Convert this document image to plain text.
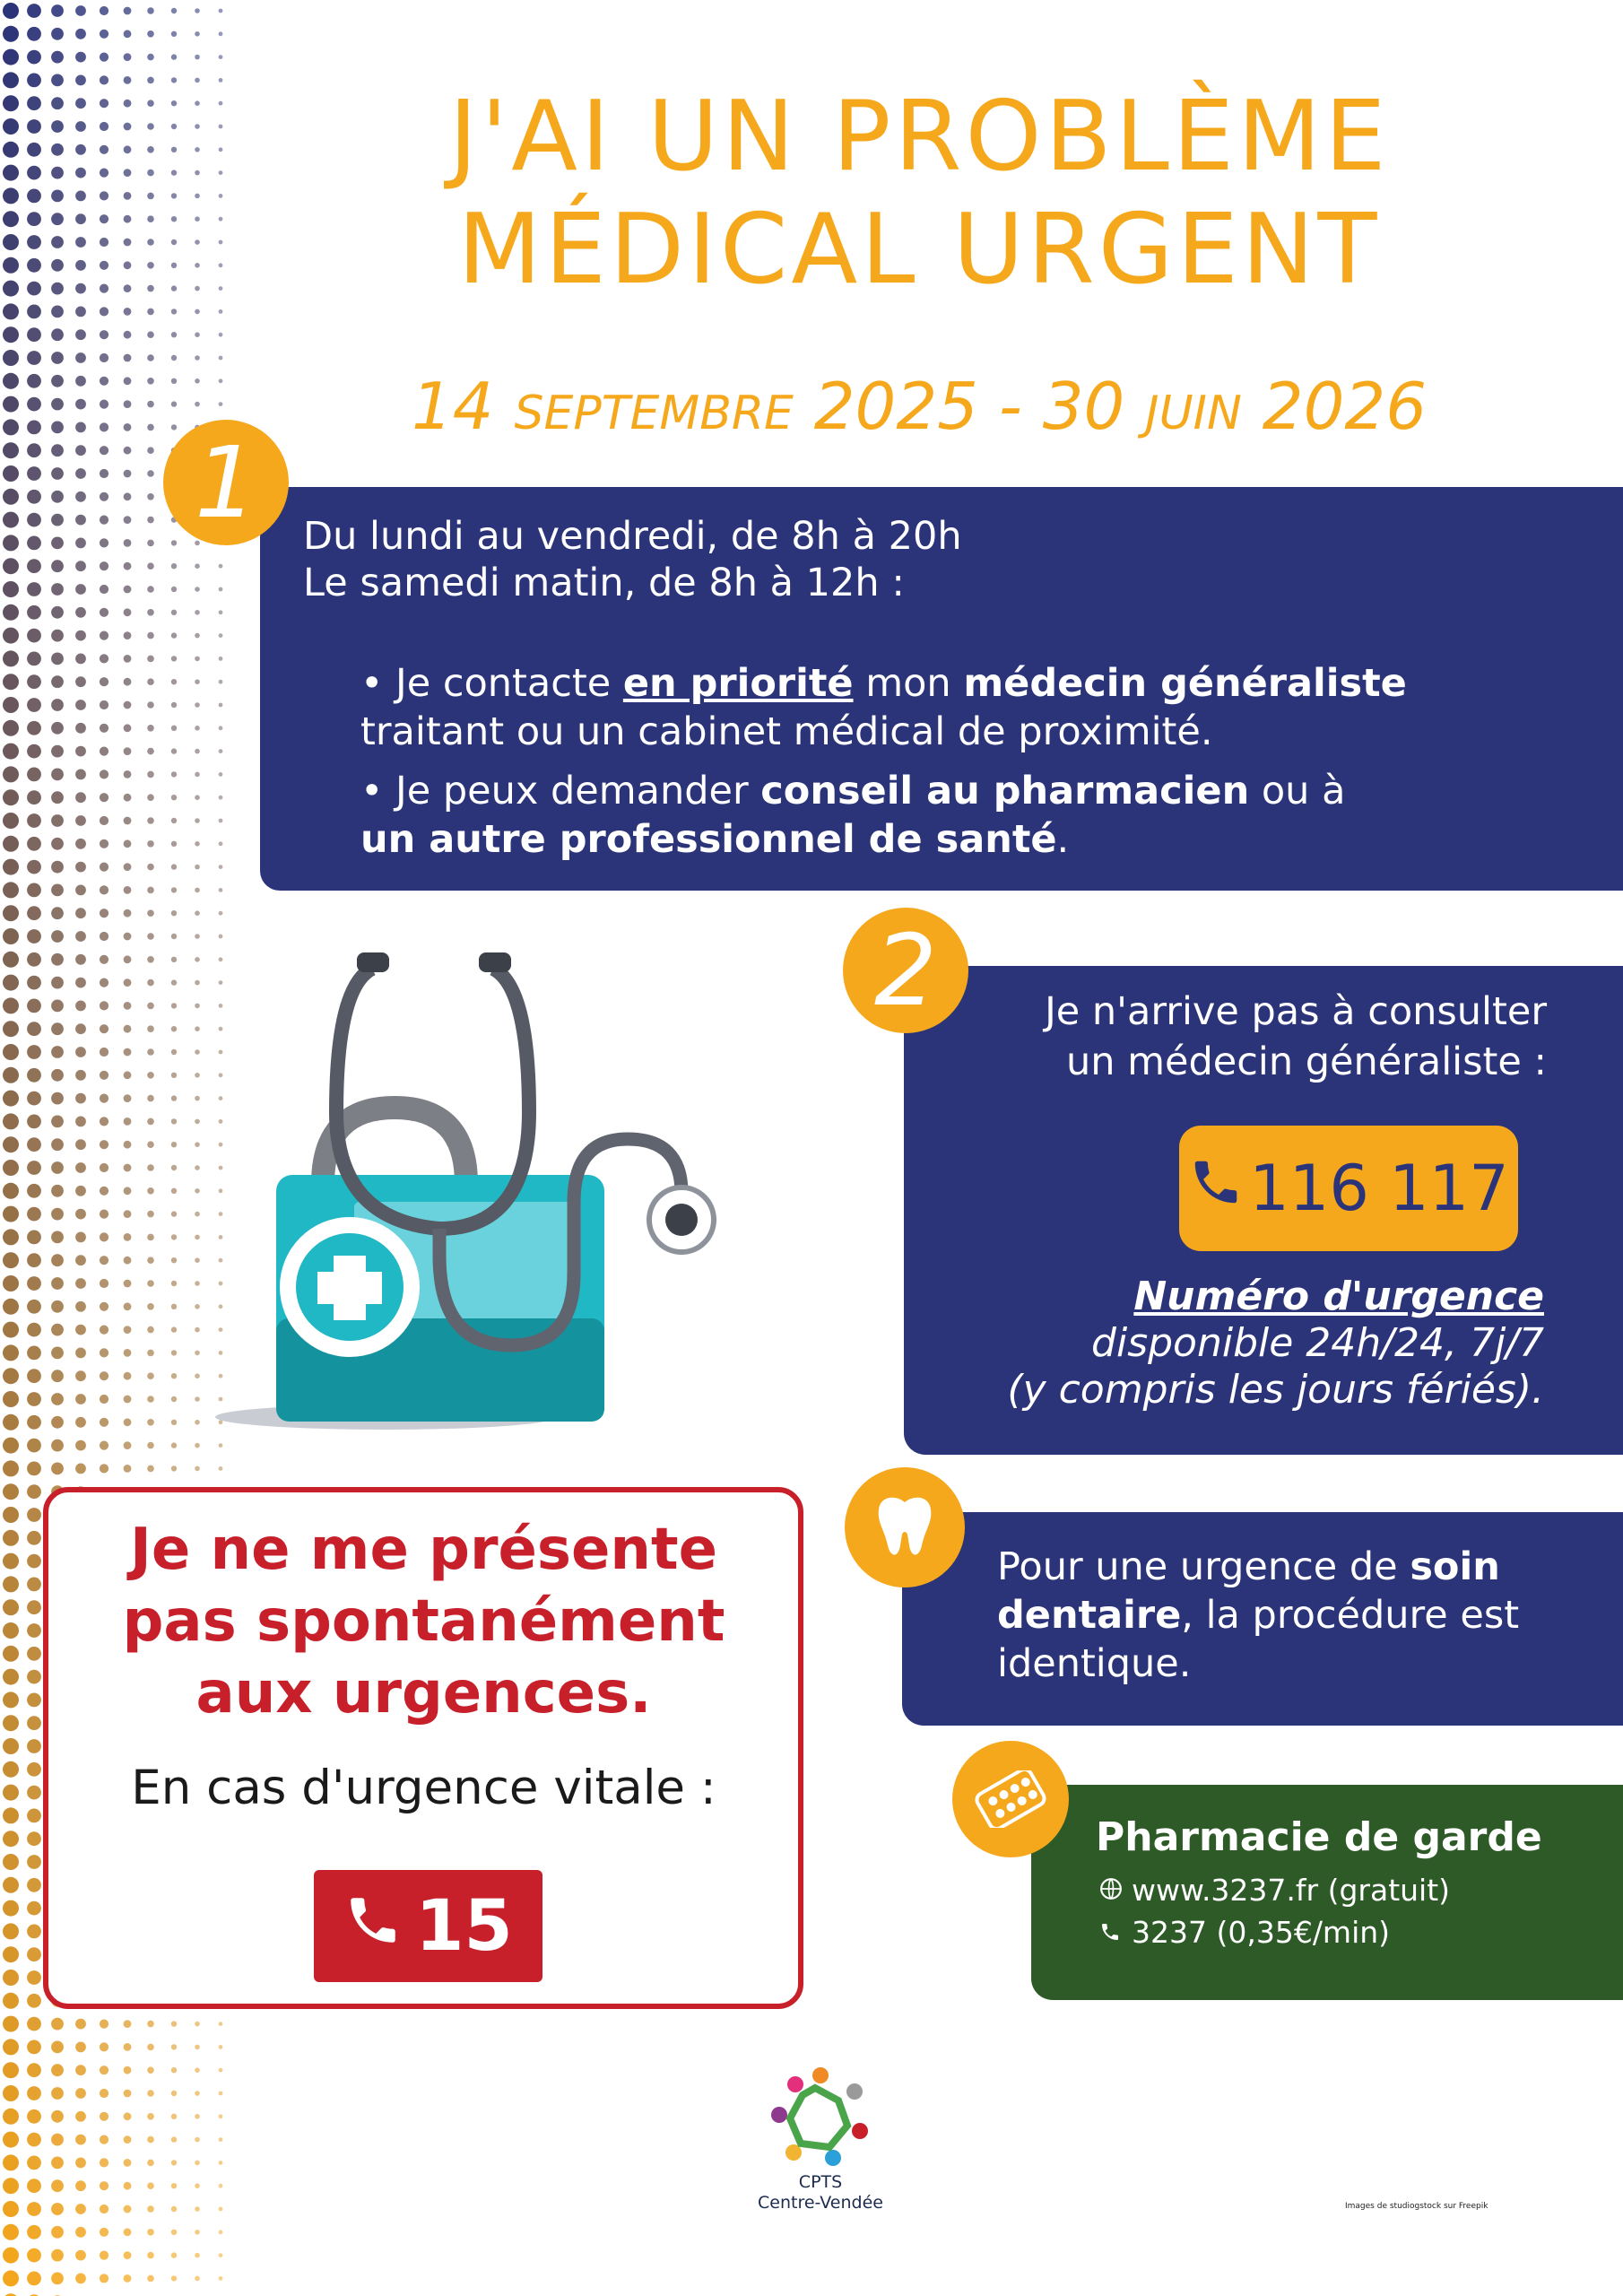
J'AI UN PROBLÈME
MÉDICAL URGENT
14 SEPTEMBRE 2025 - 30 JUIN 2026
1 Du lundi au vendredi, de 8h à 20h
Le samedi matin, de 8h à 12h :
• Je contacte en priorité mon médecin généraliste
traitant ou un cabinet médical de proximité.
• Je peux demander conseil au pharmacien ou à
un autre professionnel de santé.
2	Je n'arrive pas à consulter
un médecin généraliste :
116 117
Numéro d'urgence
disponible 24h/24, 7j/7
(y compris les jours fériés).
Pour une urgence de soin dentaire, la procédure est identique.
Pharmacie de garde
www.3237.fr (gratuit)
3237 (0,35€/min)
Je ne me présente
pas spontanément
aux urgences.
En cas d'urgence vitale :
15
CPTS
Centre-Vendée	Images de studiogstock sur Freepik
